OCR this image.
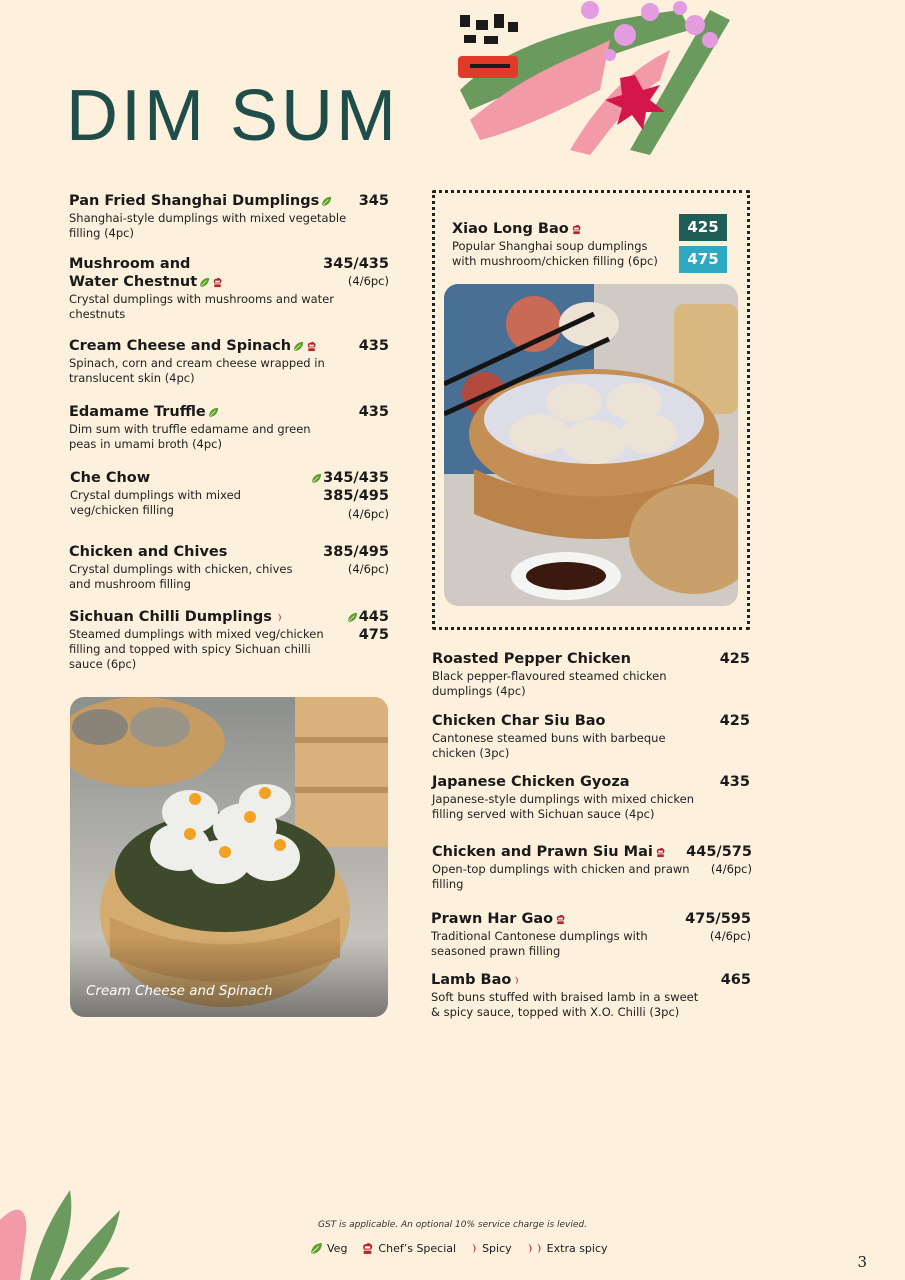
DIM SUM
Pan Fried Shanghai Dumplings
Shanghai-style dumplings with mixed vegetable filling (4pc)
345
Mushroom and Water Chestnut
Crystal dumplings with mushrooms and water chestnuts
345/435
(4/6pc)
Cream Cheese and Spinach
Spinach, corn and cream cheese wrapped in translucent skin (4pc)
435
Edamame Truffle
Dim sum with truffle edamame and green peas in umami broth (4pc)
435
Che Chow
Crystal dumplings with mixed veg/chicken filling
345/435
385/495
(4/6pc)
Chicken and Chives
Crystal dumplings with chicken, chives and mushroom filling
385/495
(4/6pc)
Sichuan Chilli Dumplings
Steamed dumplings with mixed veg/chicken filling and topped with spicy Sichuan chilli sauce (6pc)
445
475
Cream Cheese and Spinach
Xiao Long Bao
Popular Shanghai soup dumplings with mushroom/chicken filling (6pc)
425
475
Roasted Pepper Chicken
Black pepper-flavoured steamed chicken dumplings (4pc)
425
Chicken Char Siu Bao
Cantonese steamed buns with barbeque chicken (3pc)
425
Japanese Chicken Gyoza
Japanese-style dumplings with mixed chicken filling served with Sichuan sauce (4pc)
435
Chicken and Prawn Siu Mai
Open-top dumplings with chicken and prawn filling
445/575
(4/6pc)
Prawn Har Gao
Traditional Cantonese dumplings with seasoned prawn filling
475/595
(4/6pc)
Lamb Bao
Soft buns stuffed with braised lamb in a sweet & spicy sauce, topped with X.O. Chilli (3pc)
465
GST is applicable. An optional 10% service charge is levied.
Veg	Chef’s Special Spicy	Extra spicy
3
